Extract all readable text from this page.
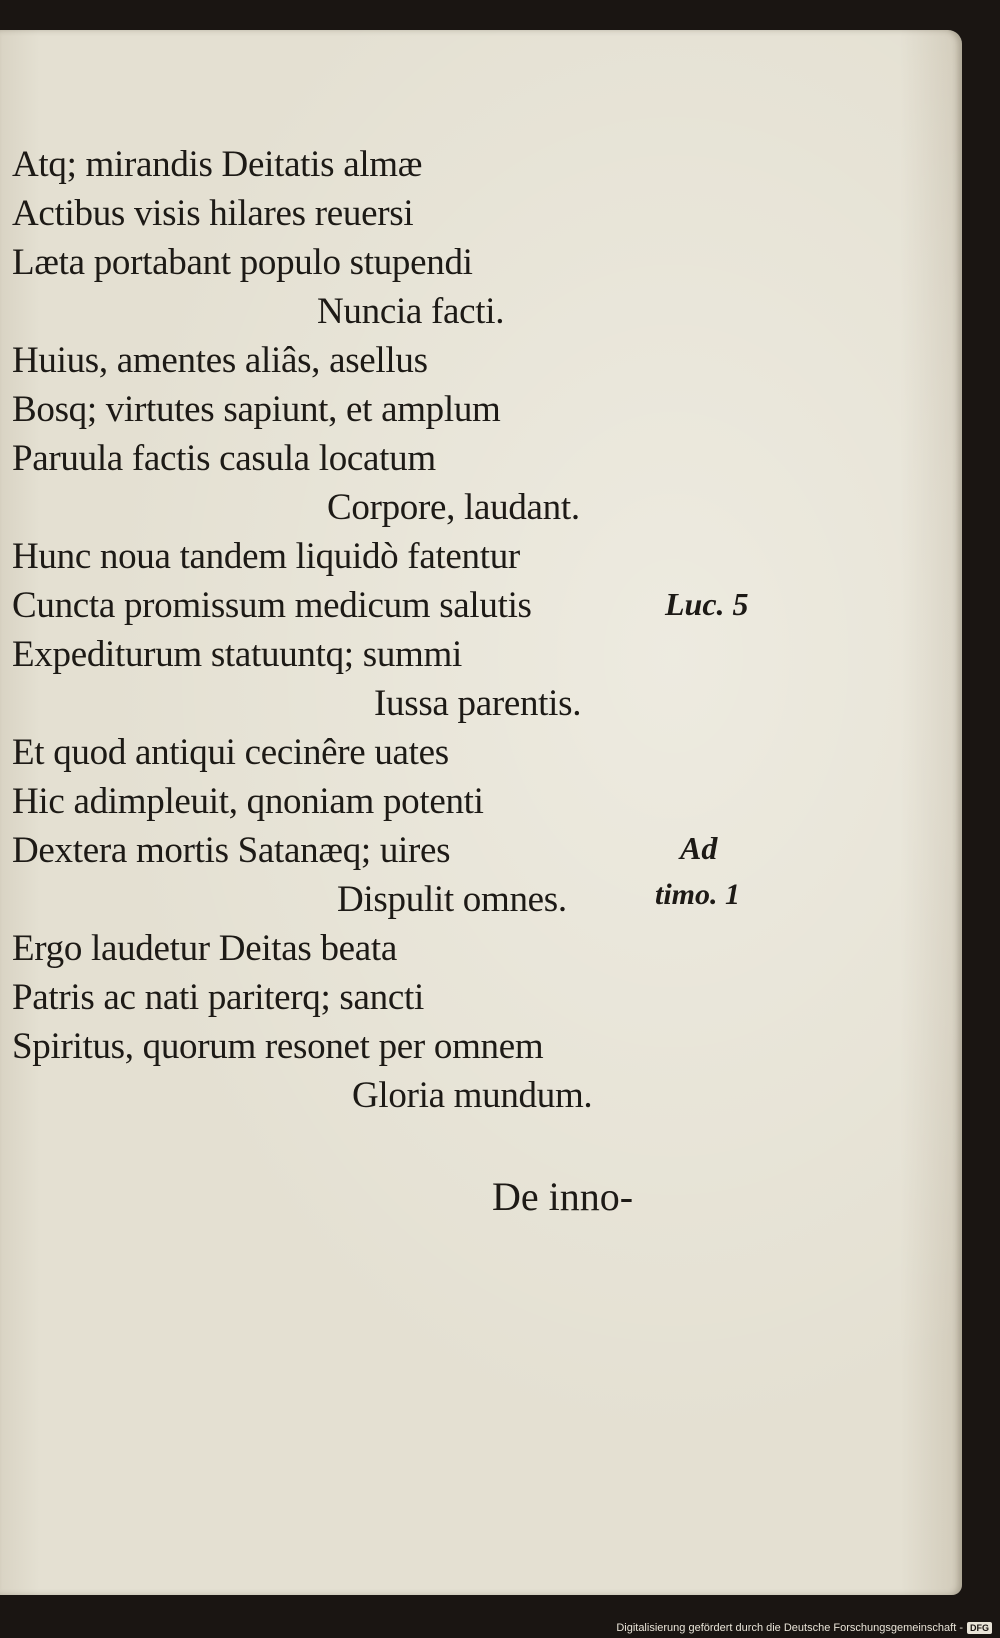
Atq; mirandis Deitatis almæ
Actibus visis hilares reuersi
Læta portabant populo stupendi
Nuncia facti.
Huius, amentes aliâs, asellus
Bosq; virtutes sapiunt, et amplum
Paruula factis casula locatum
Corpore, laudant.
Hunc noua tandem liquidò fatentur
Cuncta promissum medicum salutis
Expediturum statuuntq; summi
Iussa parentis.
Et quod antiqui cecinêre uates
Hic adimpleuit, qnoniam potenti
Dextera mortis Satanæq; uires
Dispulit omnes.
Ergo laudetur Deitas beata
Patris ac nati pariterq; sancti
Spiritus, quorum resonet per omnem
Gloria mundum.
Luc. 5
Ad
timo. 1
De inno-
Digitalisierung gefördert durch die Deutsche Forschungsgemeinschaft - DFG
